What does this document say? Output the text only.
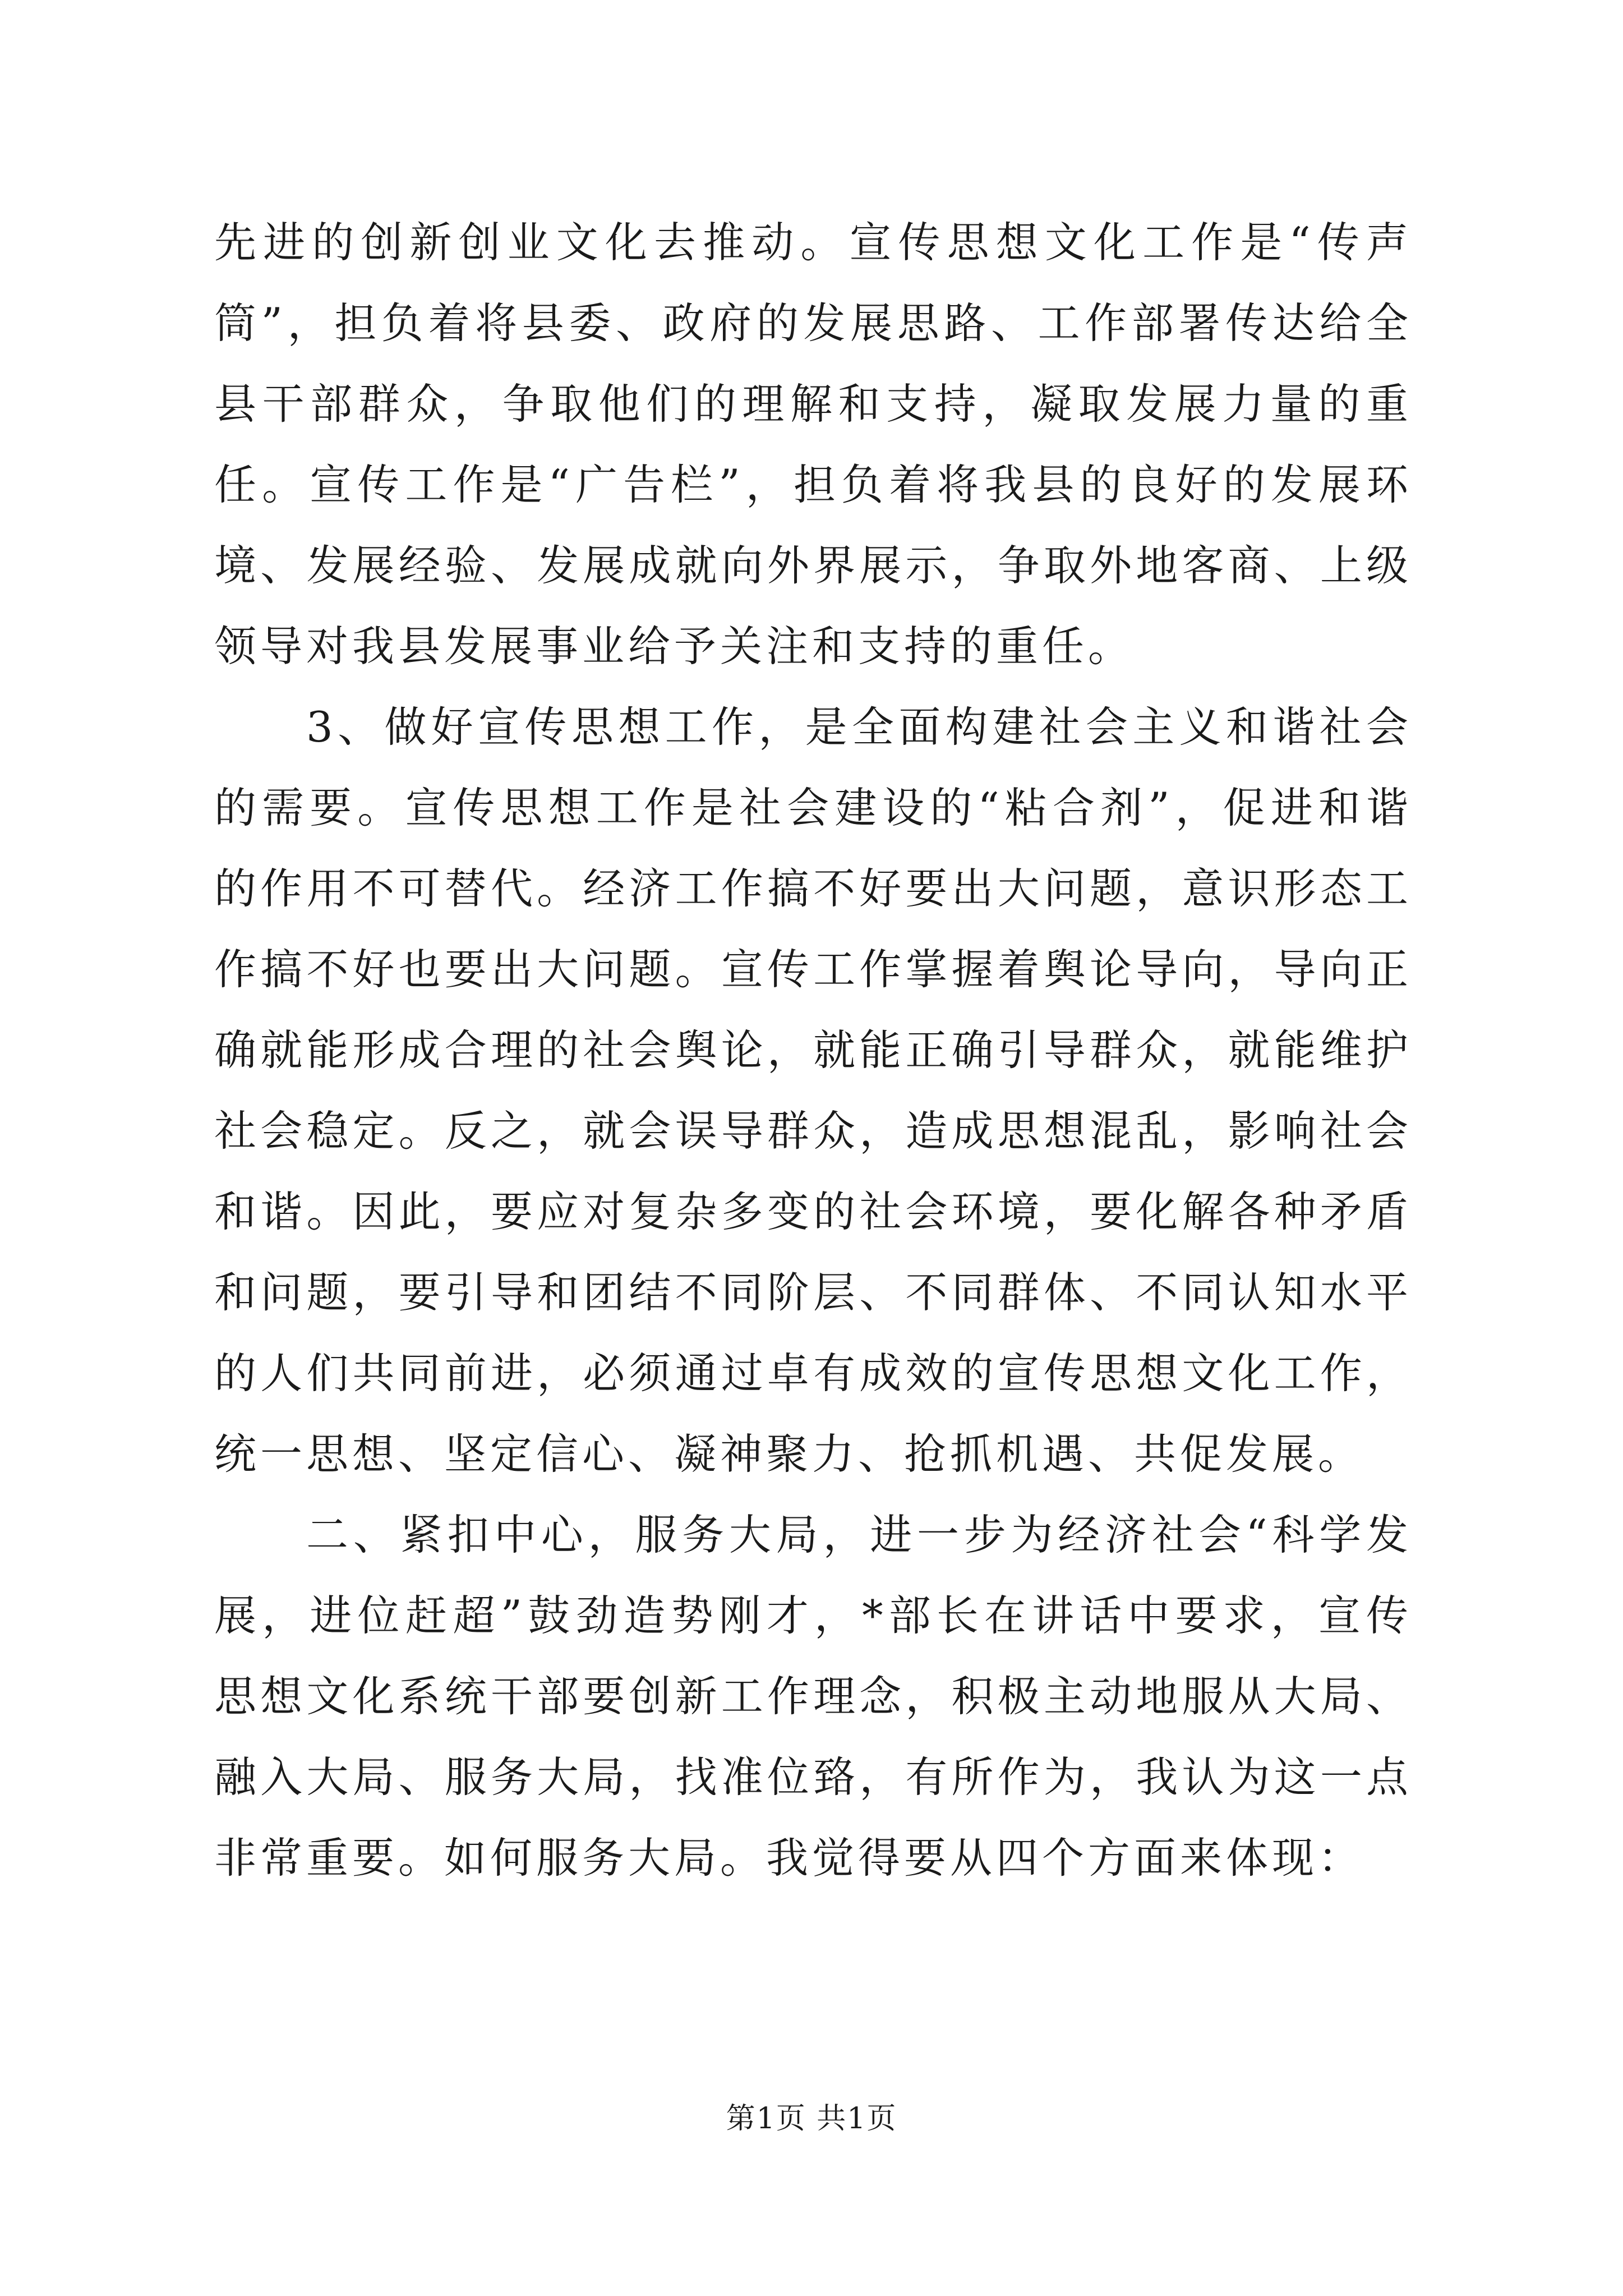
先进的创新创业文化去推动。宣传思想文化工作是“传声筒”，担负着将县委、政府的发展思路、工作部署传达给全县干部群众，争取他们的理解和支持，凝取发展力量的重任。宣传工作是“广告栏”，担负着将我县的良好的发展环境、发展经验、发展成就向外界展示，争取外地客商、上级领导对我县发展事业给予关注和支持的重任。

3、做好宣传思想工作，是全面构建社会主义和谐社会的需要。宣传思想工作是社会建设的“粘合剂”，促进和谐的作用不可替代。经济工作搞不好要出大问题，意识形态工作搞不好也要出大问题。宣传工作掌握着舆论导向，导向正确就能形成合理的社会舆论，就能正确引导群众，就能维护社会稳定。反之，就会误导群众，造成思想混乱，影响社会和谐。因此，要应对复杂多变的社会环境，要化解各种矛盾和问题，要引导和团结不同阶层、不同群体、不同认知水平的人们共同前进，必须通过卓有成效的宣传思想文化工作，统一思想、坚定信心、凝神聚力、抢抓机遇、共促发展。

二、紧扣中心，服务大局，进一步为经济社会“科学发展，进位赶超”鼓劲造势刚才，*部长在讲话中要求，宣传思想文化系统干部要创新工作理念，积极主动地服从大局、融入大局、服务大局，找准位臵，有所作为，我认为这一点非常重要。如何服务大局。我觉得要从四个方面来体现：

第1页 共1页
